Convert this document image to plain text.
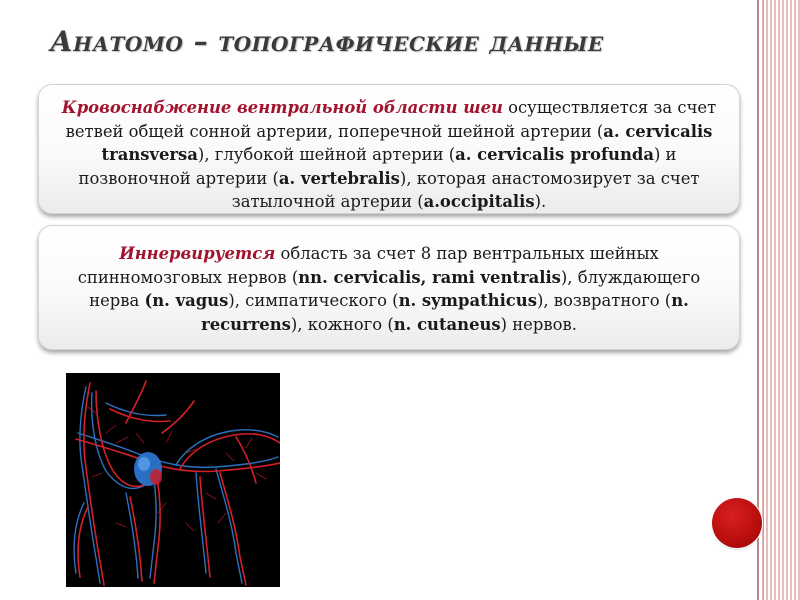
Анатомо – топографические данные
Кровоснабжение вентральной области шеи осуществляется за счет ветвей общей сонной артерии, поперечной шейной артерии (a. cervicalis transversa), глубокой шейной артерии (a. cervicalis profunda) и позвоночной артерии (a. vertebralis), которая анастомозирует за счет затылочной артерии (a.occipitalis).
Иннервируется область за счет 8 пар вентральных шейных спинномозговых нервов (nn. cervicalis, rami ventralis), блуждающего нерва (n. vagus), симпатического (n. sympathicus), возвратного (n. recurrens), кожного (n. cutaneus) нервов.
